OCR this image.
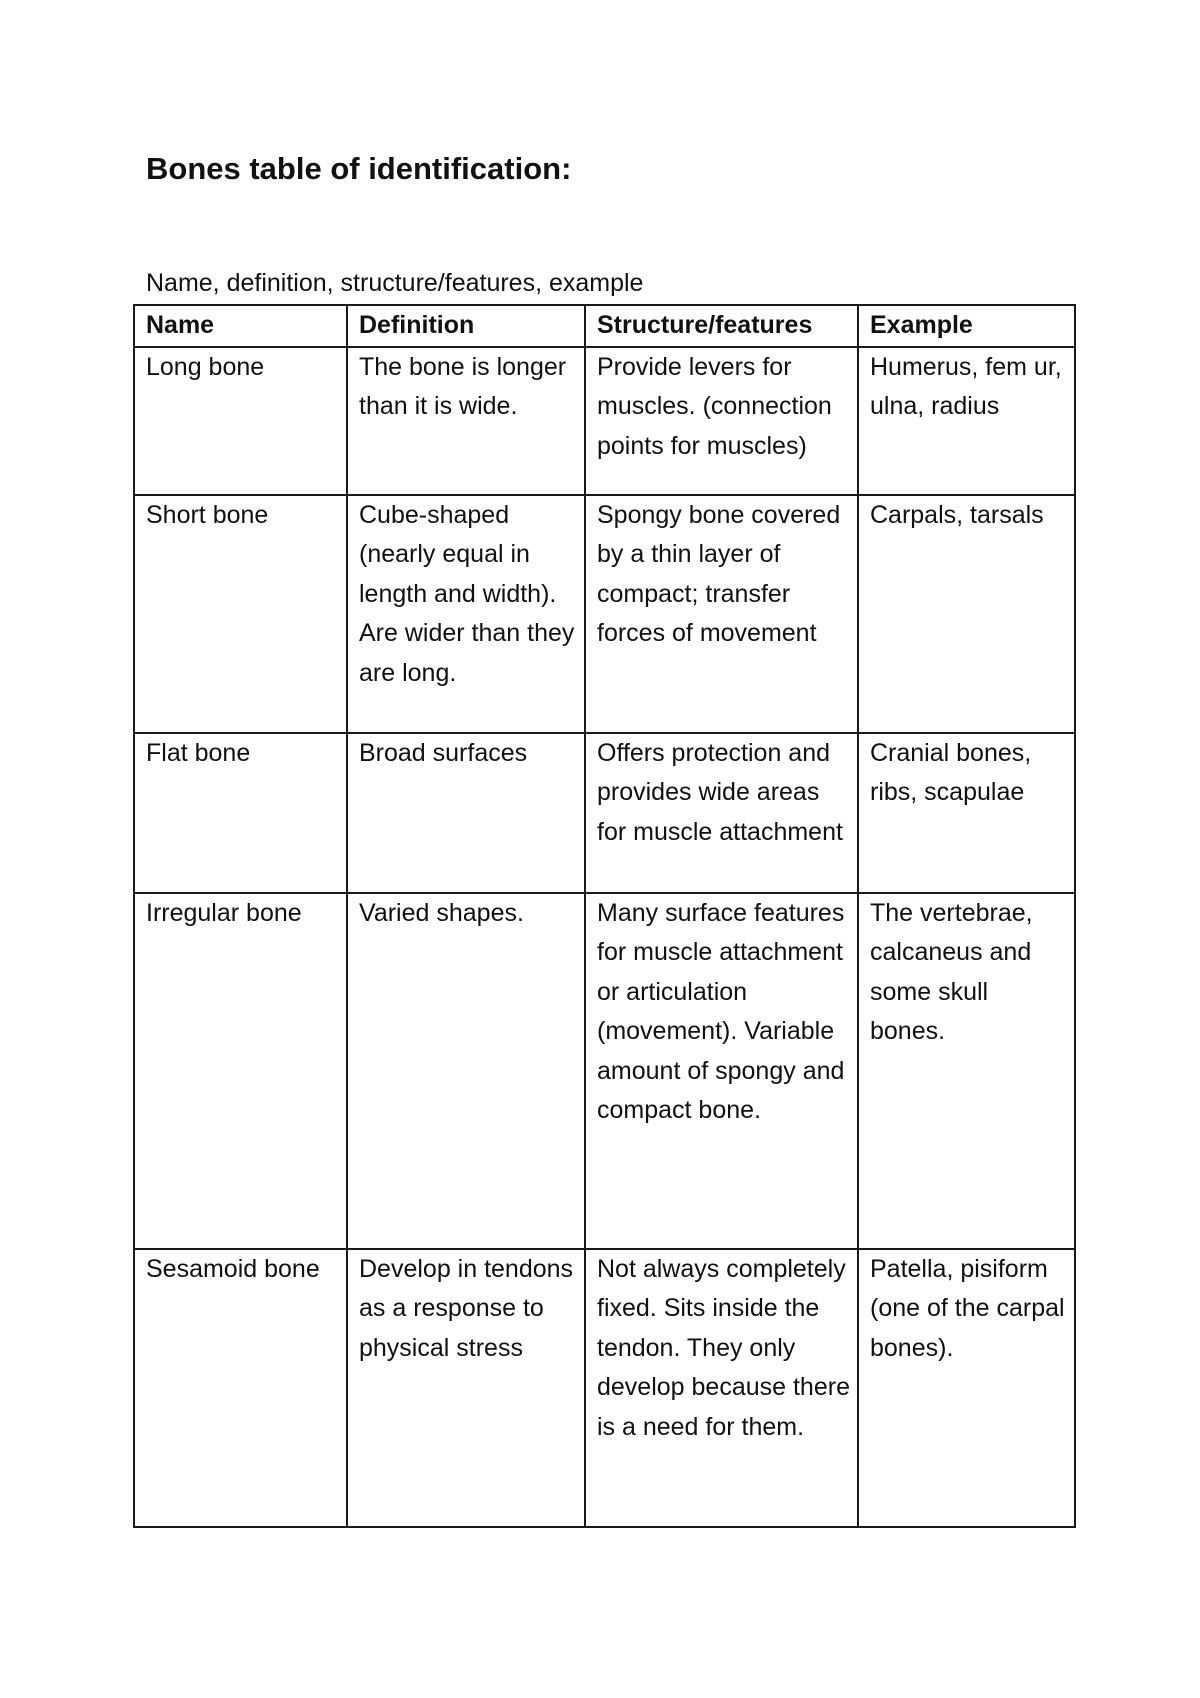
Bones table of identification:

Name, definition, structure/features, example

Name	Definition	Structure/features	Example
Long bone	The bone is longer than it is wide.	Provide levers for muscles. (connection points for muscles)	Humerus, fem ur, ulna, radius
Short bone	Cube-shaped (nearly equal in length and width). Are wider than they are long.	Spongy bone covered by a thin layer of compact; transfer forces of movement	Carpals, tarsals
Flat bone	Broad surfaces	Offers protection and provides wide areas for muscle attachment	Cranial bones, ribs, scapulae
Irregular bone	Varied shapes.	Many surface features for muscle attachment or articulation (movement). Variable amount of spongy and compact bone.	The vertebrae, calcaneus and some skull bones.
Sesamoid bone	Develop in tendons as a response to physical stress	Not always completely fixed. Sits inside the tendon. They only develop because there is a need for them.	Patella, pisiform (one of the carpal bones).
